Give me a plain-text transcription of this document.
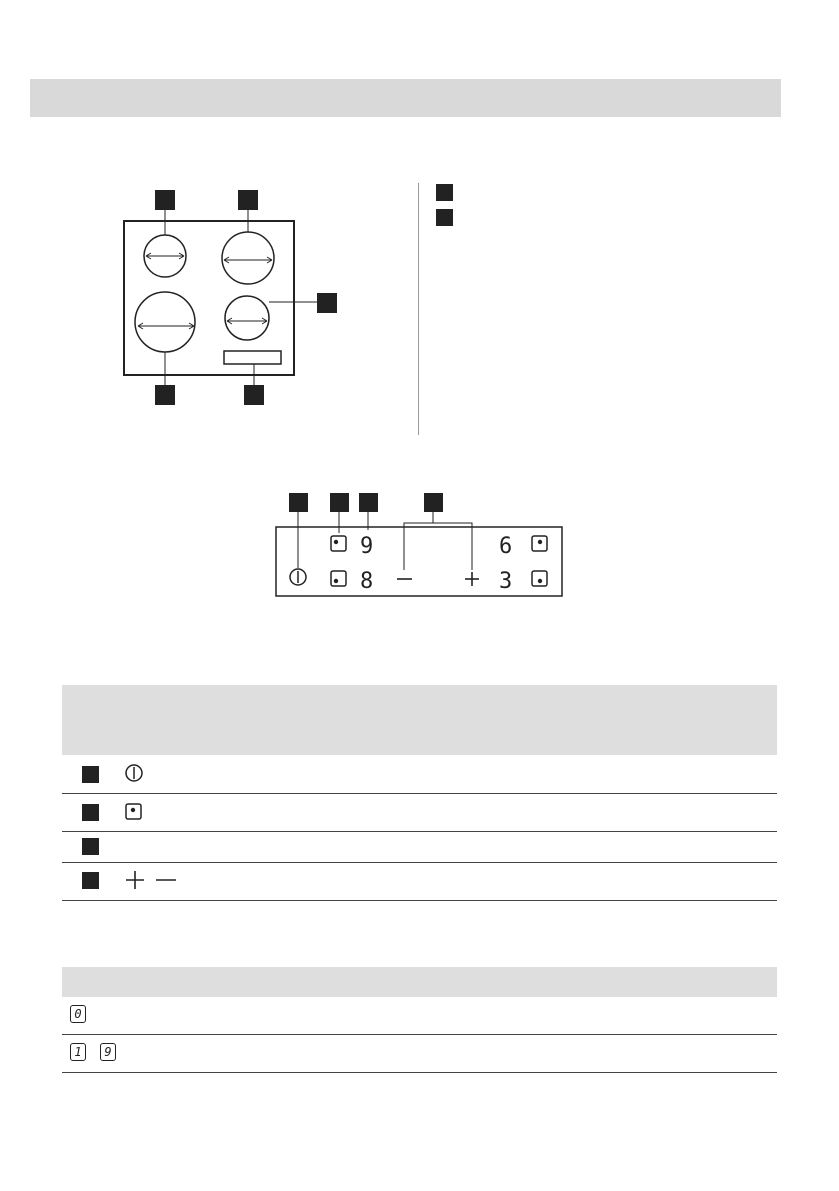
9
8
6
3
0
1	9
